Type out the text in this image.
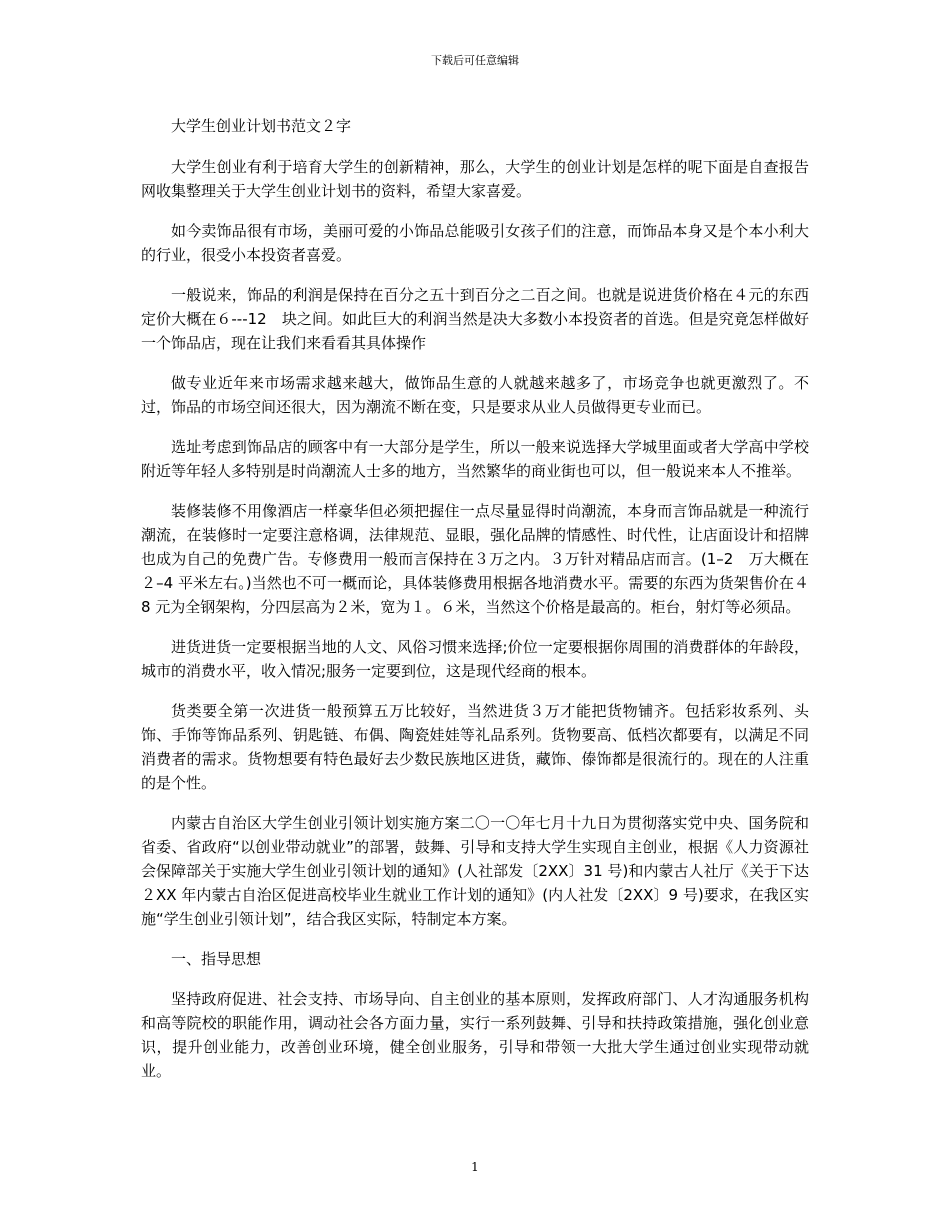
下载后可任意编辑

大学生创业计划书范文２字

大学生创业有利于培育大学生的创新精神，那么，大学生的创业计划是怎样的呢下面是自查报告网收集整理关于大学生创业计划书的资料，希望大家喜爱。

如今卖饰品很有市场，美丽可爱的小饰品总能吸引女孩子们的注意，而饰品本身又是个本小利大的行业，很受小本投资者喜爱。

一般说来，饰品的利润是保持在百分之五十到百分之二百之间。也就是说进货价格在４元的东西定价大概在６---12　块之间。如此巨大的利润当然是决大多数小本投资者的首选。但是究竟怎样做好一个饰品店，现在让我们来看看其具体操作

做专业近年来市场需求越来越大，做饰品生意的人就越来越多了，市场竞争也就更激烈了。不过，饰品的市场空间还很大，因为潮流不断在变，只是要求从业人员做得更专业而已。

选址考虑到饰品店的顾客中有一大部分是学生，所以一般来说选择大学城里面或者大学高中学校附近等年轻人多特别是时尚潮流人士多的地方，当然繁华的商业街也可以，但一般说来本人不推举。

装修装修不用像酒店一样豪华但必须把握住一点尽量显得时尚潮流，本身而言饰品就是一种流行潮流，在装修时一定要注意格调，法律规范、显眼，强化品牌的情感性、时代性，让店面设计和招牌也成为自己的免费广告。专修费用一般而言保持在３万之内。３万针对精品店而言。(1–2　万大概在２–4 平米左右。)当然也不可一概而论，具体装修费用根据各地消费水平。需要的东西为货架售价在４8 元为全钢架构，分四层高为２米，宽为１。６米，当然这个价格是最高的。柜台，射灯等必须品。

进货进货一定要根据当地的人文、风俗习惯来选择;价位一定要根据你周围的消费群体的年龄段，城市的消费水平，收入情况;服务一定要到位，这是现代经商的根本。

货类要全第一次进货一般预算五万比较好，当然进货３万才能把货物铺齐。包括彩妆系列、头饰、手饰等饰品系列、钥匙链、布偶、陶瓷娃娃等礼品系列。货物要高、低档次都要有，以满足不同消费者的需求。货物想要有特色最好去少数民族地区进货，藏饰、傣饰都是很流行的。现在的人注重的是个性。

内蒙古自治区大学生创业引领计划实施方案二〇一〇年七月十九日为贯彻落实党中央、国务院和省委、省政府“以创业带动就业”的部署，鼓舞、引导和支持大学生实现自主创业，根据《人力资源社会保障部关于实施大学生创业引领计划的通知》(人社部发〔2XX〕31 号)和内蒙古人社厅《关于下达２XX 年内蒙古自治区促进高校毕业生就业工作计划的通知》(内人社发〔2XX〕9 号)要求，在我区实施“学生创业引领计划”，结合我区实际，特制定本方案。

一、指导思想

坚持政府促进、社会支持、市场导向、自主创业的基本原则，发挥政府部门、人才沟通服务机构和高等院校的职能作用，调动社会各方面力量，实行一系列鼓舞、引导和扶持政策措施，强化创业意识，提升创业能力，改善创业环境，健全创业服务，引导和带领一大批大学生通过创业实现带动就业。

1
